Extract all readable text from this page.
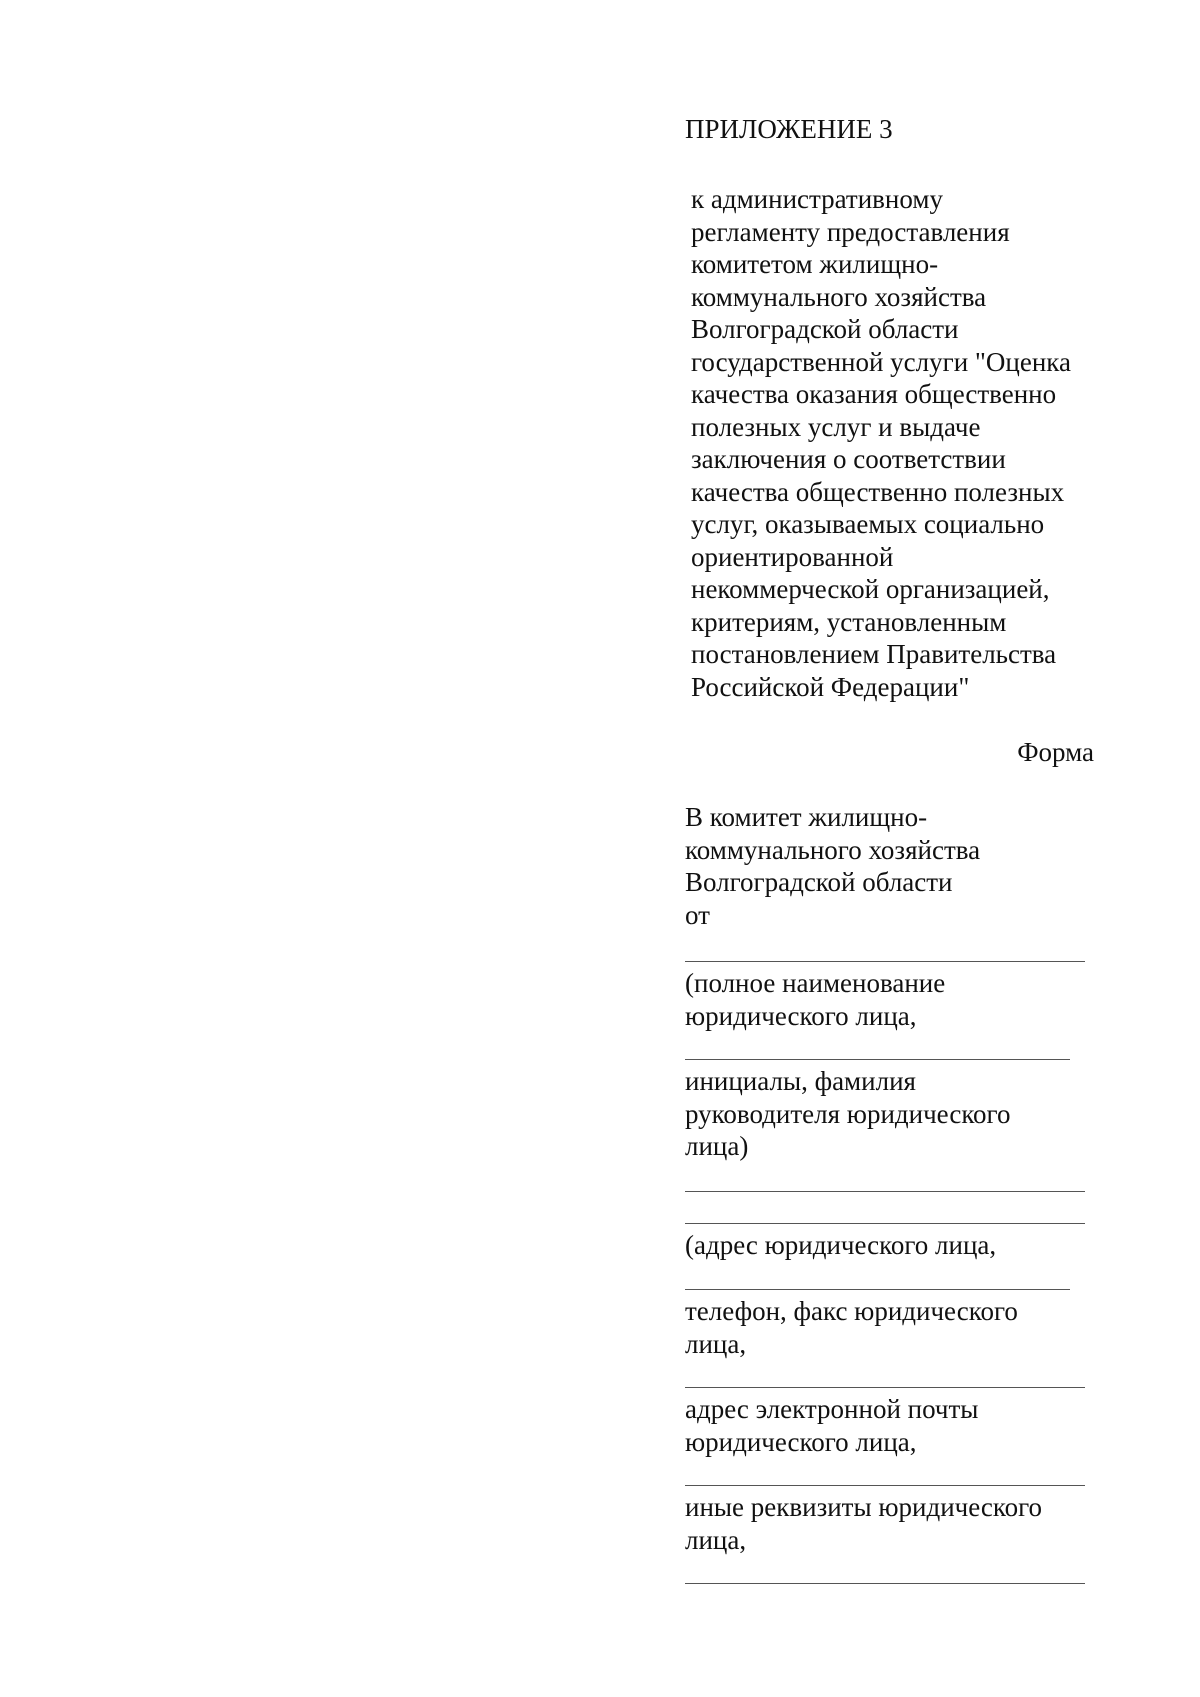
ПРИЛОЖЕНИЕ 3
к административному
регламенту предоставления
комитетом жилищно-
коммунального хозяйства
Волгоградской области
государственной услуги "Оценка
качества оказания общественно
полезных услуг и выдаче
заключения о соответствии
качества общественно полезных
услуг, оказываемых социально
ориентированной
некоммерческой организацией,
критериям, установленным
постановлением Правительства
Российской Федерации"
Форма
В комитет жилищно-
коммунального хозяйства
Волгоградской области
от
(полное наименование
юридического лица,
инициалы, фамилия
руководителя юридического
лица)
(адрес юридического лица,
телефон, факс юридического
лица,
адрес электронной почты
юридического лица,
иные реквизиты юридического
лица,
